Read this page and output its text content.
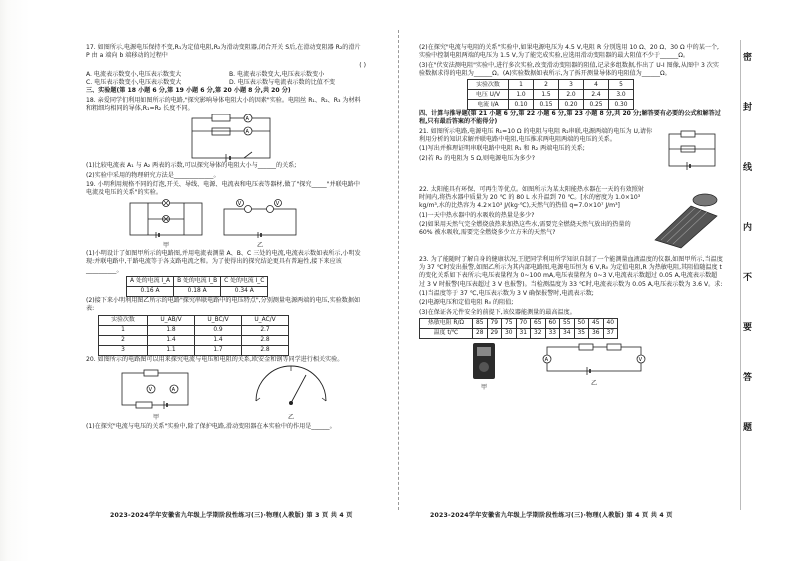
17. 如图所示,电源电压保持不变,R₁为定值电阻,R₂为滑动变阻器,闭合开关 S后,在滑动变阻器 R₂的滑片 P 由 a 端向 b 端移动的过程中

( )

A. 电流表示数变小,电压表示数变大	B. 电流表示数变大,电压表示数变小
C. 电压表示数变小,电压表示数变大	D. 电压表示数与电流表示数的比值不变

三、实验题(第 18 小题 6 分,第 19 小题 6 分,第 20 小题 8 分,共 20 分)

18. 亲爱同学们利用如图所示的电路,"探究影响导体电阻大小的因素"实验。电阻丝 R₁、R₂、R₃ 为材料和粗细均相同的导体,R₁=R₂ 长度不同。

A
A

(1)比较电流表 A₁ 与 A₂ 两表的示数,可以探究导体的电阻大小与______的关系;

(2)实验中采用的物理研究方法是_____________。

19. 小明利用规格不同的灯泡,开关、导线、电源、电流表和电压表等器材,做了"探究_____"并联电路中电流及电压的关系"的实验。

甲
V	V
乙

(1)小明设计了如图甲所示的电路图,并用电流表测量 A、B、C 三处的电流,电流表示数如表所示,小明发现:并联电路中,干路电流等于各支路电流之和。为了使得出的探究结论更具有普遍性,接下来应该__________。

A 处的电流 I_A	B 处的电流 I_B	C 处的电流 I_C
0.16 A	0.18 A	0.34 A

(2)接下来小明利用图乙所示的电路"探究串联电路中的电压特点",分别测量电源两端的电压,实验数据如表:

实验次数	U_AB/V	U_BC/V	U_AC/V
1	1.8	0.9	2.7
2	1.4	1.4	2.8
3	1.1	1.7	2.8

20. 如图所示的电路图可以用来探究电流与电压和电阻的关系,欧安金和钢等同学进行相关实验。

A
V
甲	乙

(1)在探究"电流与电压的关系"实验中,除了保护电路,滑动变阻器在本实验中的作用是______。

2023-2024学年安徽省九年级上学期阶段性练习(三)·物理(人教版) 第 3 页 共 4 页

(2)在探究"电流与电阻的关系"实验中,如果电源电压为 4.5 V,电阻 R 分别选用 10 Ω、20 Ω、30 Ω 中的某一个,实验中控制电阻两端的电压为 1.5 V,为了能完成实验,应选用滑动变阻器的最大阻值不少于______Ω。

(3)在"伏安法测电阻"实验中,进行多次实验,改变滑动变阻器的阻值,记录多组数据,作出了 U-I 图像,从图中 3 次实验数据求得的电阻为______Ω。(A)实验数据如表所示,为了拆开测量导体的电阻值为______Ω。

实验次数	1	2	3	4	5
电压 U/V	1.0	1.5	2.0	2.4	3.0
电流 I/A	0.10	0.15	0.20	0.25	0.30

四、计算与推导题(第 21 小题 6 分,第 22 小题 6 分,第 23 小题 8 分,共 20 分;解答要有必要的公式和解答过程,只有最后答案的不能得分)

21. 如图所示电路,电源电压 R₁=10 Ω 的电阻与电阻 R₂串联,电源两端的电压为 U,请你利用分析的知识求解并联电路中电阻,电压推求两电阻两端的电压的关系。

(1)写出并推理证明串联电路中电阻 R₁ 和 R₂ 两端电压的关系;

(2)若 R₂ 的电阻为 5 Ω,则电源电压为多少?

22. 太阳能具有环保、可再生等优点。如图所示为某太阳能热水器在一天的有效照射时间内,将热水器中质量为 20 ℃ 的 80 L 水升温到 70 ℃。[水的密度为 1.0×10³ kg/m³,水的比热容为 4.2×10³ J/(kg·℃),天然气的热值 q=7.0×10⁷ J/m³]

(1)一天中热水器中的水吸收的热量是多少?

(2)如果用天然气完全燃烧放热来加热这些水,需要完全燃烧天然气放出的热量的 60% 被水吸收,需要完全燃烧多少立方米的天然气?

23. 为了能随时了解自身的健康状况,王肥同学利用所学知识自制了一个能测量血液温度的仪器,如图甲所示,当温度为 37 ℃时发出报警,如图乙所示为其内部电路图,电源电压恒为 6 V,R₀ 为定值电阻,R 为热敏电阻,其阻值随温度 t 的变化关系如下表所示;电压表量程为 0~100 mA,电压表量程为 0~3 V,电流表示数超过 0.05 A,电流表示数超过 3 V 时报警(电压表超过 3 V 也报警)。当检测温度为 33 ℃时,电流表示数为 0.05 A,电压表示数为 3.6 V。求:

(1)当温度等于 37 ℃,电压表示数为 3 V 确保报警时,电流表示数;

(2)电源电压和定值电阻 R₀ 的阻值;

(3)在保证各元件安全的前提下,该仪器能测量的最高温度。

热敏电阻 R/Ω	85	79	75	70	65	60	55	50	45	40
温度 t/℃	28	29	30	31	32	33	34	35	36	37
甲
A	V
乙
2023-2024学年安徽省九年级上学期阶段性练习(三)·物理(人教版) 第 4 页 共 4 页
密
封
线
内
不
要
答
题
